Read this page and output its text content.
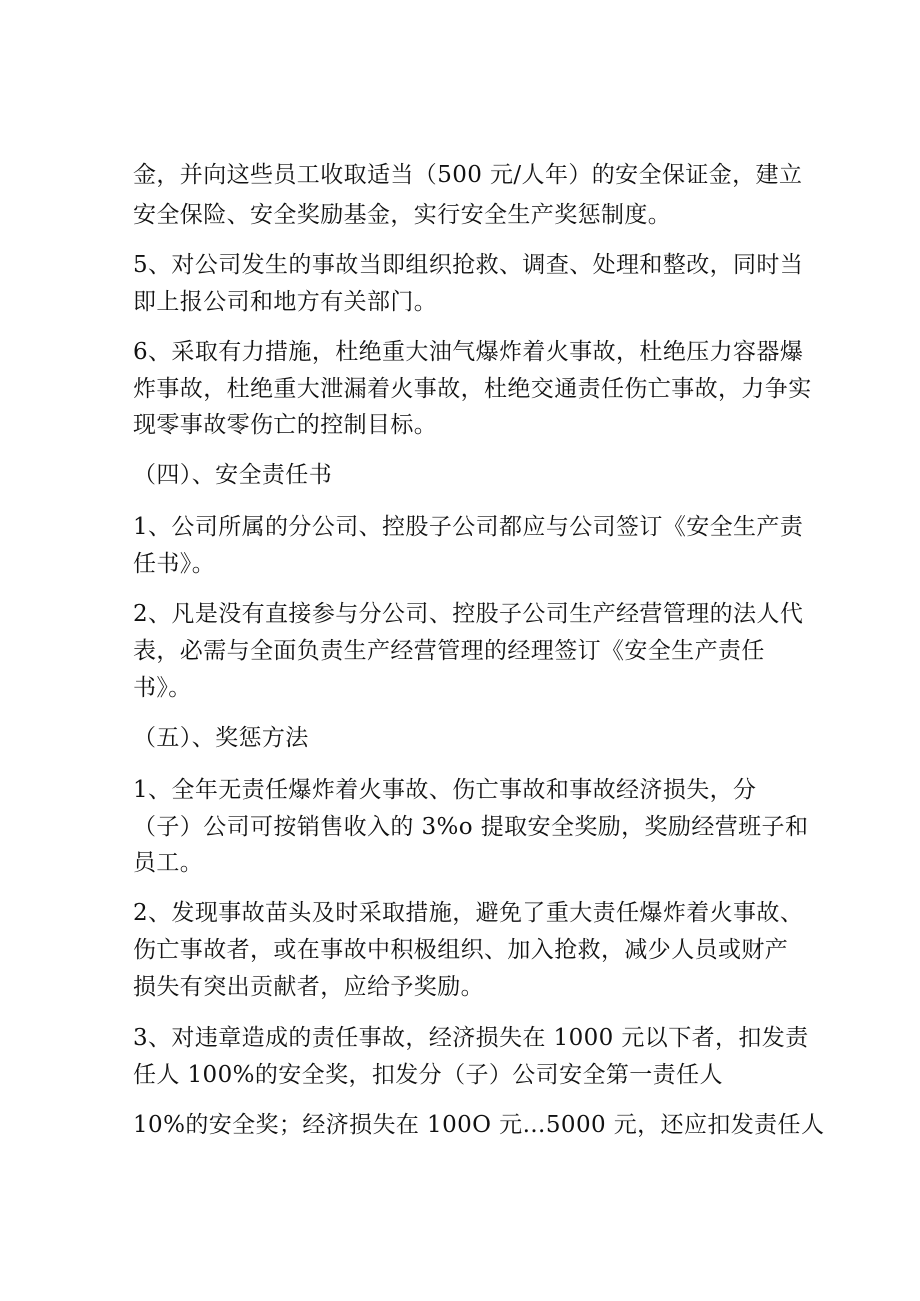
金，并向这些员工收取适当（500 元/人年）的安全保证金，建立
安全保险、安全奖励基金，实行安全生产奖惩制度。
5、对公司发生的事故当即组织抢救、调查、处理和整改，同时当
即上报公司和地方有关部门。
6、采取有力措施，杜绝重大油气爆炸着火事故，杜绝压力容器爆
炸事故，杜绝重大泄漏着火事故，杜绝交通责任伤亡事故，力争实
现零事故零伤亡的控制目标。
（四）、安全责任书
1、公司所属的分公司、控股子公司都应与公司签订《安全生产责
任书》。
2、凡是没有直接参与分公司、控股子公司生产经营管理的法人代
表，必需与全面负责生产经营管理的经理签订《安全生产责任
书》。
（五）、奖惩方法
1、全年无责任爆炸着火事故、伤亡事故和事故经济损失，分
（子）公司可按销售收入的 3%o 提取安全奖励，奖励经营班子和
员工。
2、发现事故苗头及时采取措施，避免了重大责任爆炸着火事故、
伤亡事故者，或在事故中积极组织、加入抢救，减少人员或财产
损失有突出贡献者，应给予奖励。
3、对违章造成的责任事故，经济损失在 1000 元以下者，扣发责
任人 100%的安全奖，扣发分（子）公司安全第一责任人
10%的安全奖；经济损失在 100O 元…5000 元，还应扣发责任人
